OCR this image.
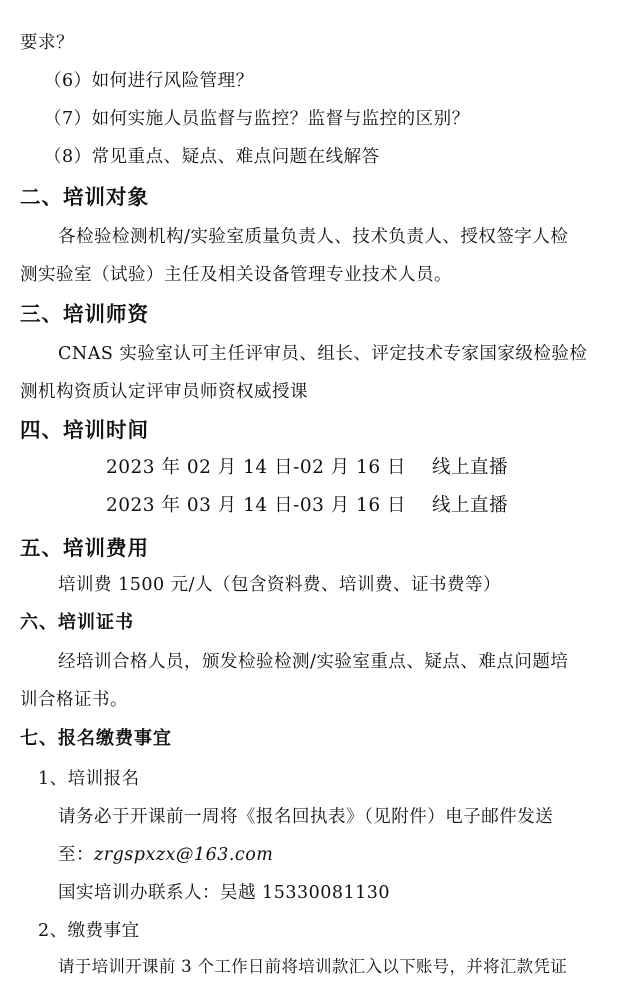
要求？
（6）如何进行风险管理？
（7）如何实施人员监督与监控？监督与监控的区别？
（8）常见重点、疑点、难点问题在线解答
二、培训对象
各检验检测机构/实验室质量负责人、技术负责人、授权签字人检
测实验室（试验）主任及相关设备管理专业技术人员。
三、培训师资
CNAS 实验室认可主任评审员、组长、评定技术专家国家级检验检
测机构资质认定评审员师资权威授课
四、培训时间
2023 年 02 月 14 日-02 月 16 日 线上直播
2023 年 03 月 14 日-03 月 16 日 线上直播
五、培训费用
培训费 1500 元/人（包含资料费、培训费、证书费等）
六、培训证书
经培训合格人员，颁发检验检测/实验室重点、疑点、难点问题培
训合格证书。
七、报名缴费事宜
1、培训报名
请务必于开课前一周将《报名回执表》（见附件）电子邮件发送
至：zrgspxzx@163.com
国实培训办联系人：吴越 15330081130
2、缴费事宜
请于培训开课前 3 个工作日前将培训款汇入以下账号，并将汇款凭证
